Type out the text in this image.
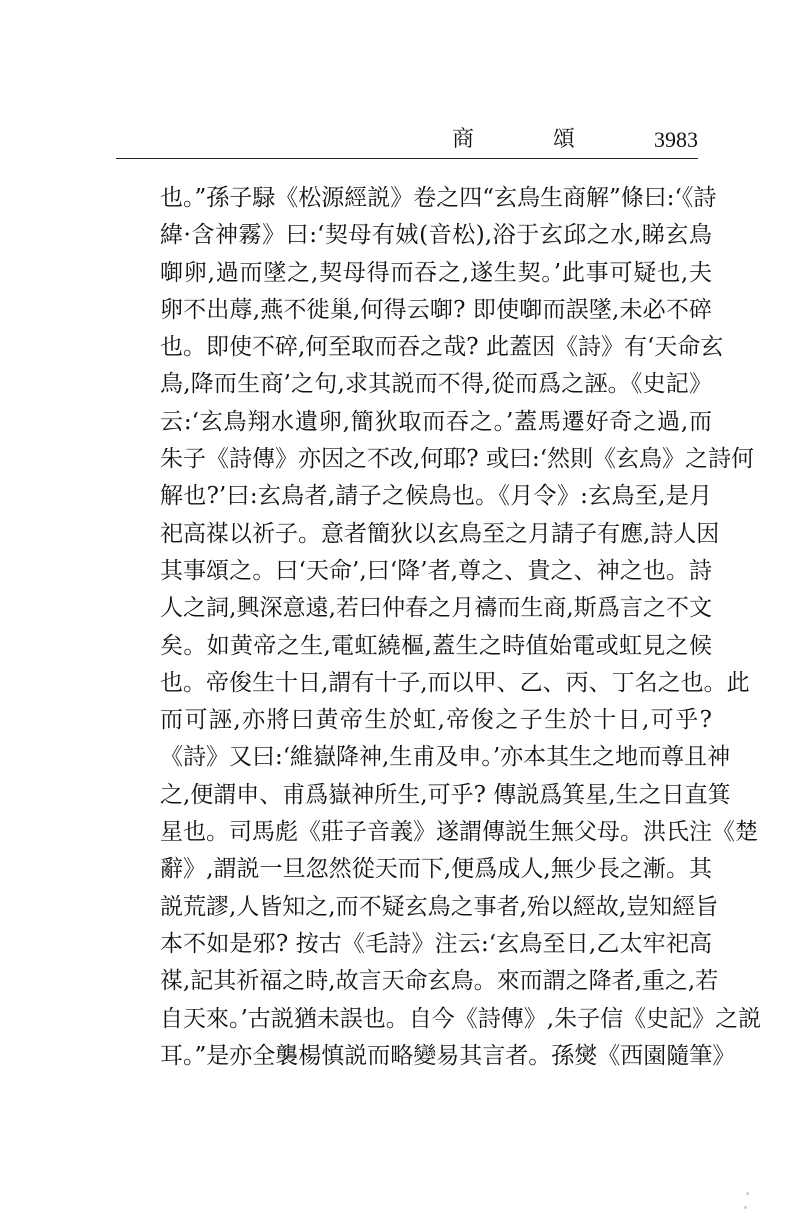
商 頌 3983
也。”孫子騄《松源經説》卷之四“玄鳥生商解”條曰:‘《詩
緯·含神霧》曰:‘契母有娀(音松),浴于玄邱之水,睇玄鳥
啣卵,過而墜之,契母得而吞之,遂生契。’此事可疑也,夫
卵不出蓐,燕不徙巢,何得云啣? 即使啣而誤墜,未必不碎
也。即使不碎,何至取而吞之哉? 此蓋因《詩》有‘天命玄
鳥,降而生商’之句,求其説而不得,從而爲之誣。《史記》
云:‘玄鳥翔水遺卵,簡狄取而吞之。’蓋馬遷好奇之過,而
朱子《詩傳》亦因之不改,何耶? 或曰:‘然則《玄鳥》之詩何
解也?’曰:玄鳥者,請子之候鳥也。《月令》:玄鳥至,是月
祀高禖以祈子。意者簡狄以玄鳥至之月請子有應,詩人因
其事頌之。曰‘天命’,曰‘降’者,尊之、貴之、神之也。詩
人之詞,興深意遠,若曰仲春之月禱而生商,斯爲言之不文
矣。如黄帝之生,電虹繞樞,蓋生之時值始電或虹見之候
也。帝俊生十日,謂有十子,而以甲、乙、丙、丁名之也。此
而可誣,亦將曰黄帝生於虹,帝俊之子生於十日,可乎?
《詩》又曰:‘維嶽降神,生甫及申。’亦本其生之地而尊且神
之,便謂申、甫爲嶽神所生,可乎? 傳説爲箕星,生之日直箕
星也。司馬彪《莊子音義》遂謂傳説生無父母。洪氏注《楚
辭》,謂説一旦忽然從天而下,便爲成人,無少長之漸。其
説荒謬,人皆知之,而不疑玄鳥之事者,殆以經故,豈知經旨
本不如是邪? 按古《毛詩》注云:‘玄鳥至日,乙太牢祀高
禖,記其祈福之時,故言天命玄鳥。來而謂之降者,重之,若
自天來。’古説猶未誤也。自今《詩傳》,朱子信《史記》之説
耳。”是亦全襲楊慎説而略變易其言者。孫爕《西園隨筆》
